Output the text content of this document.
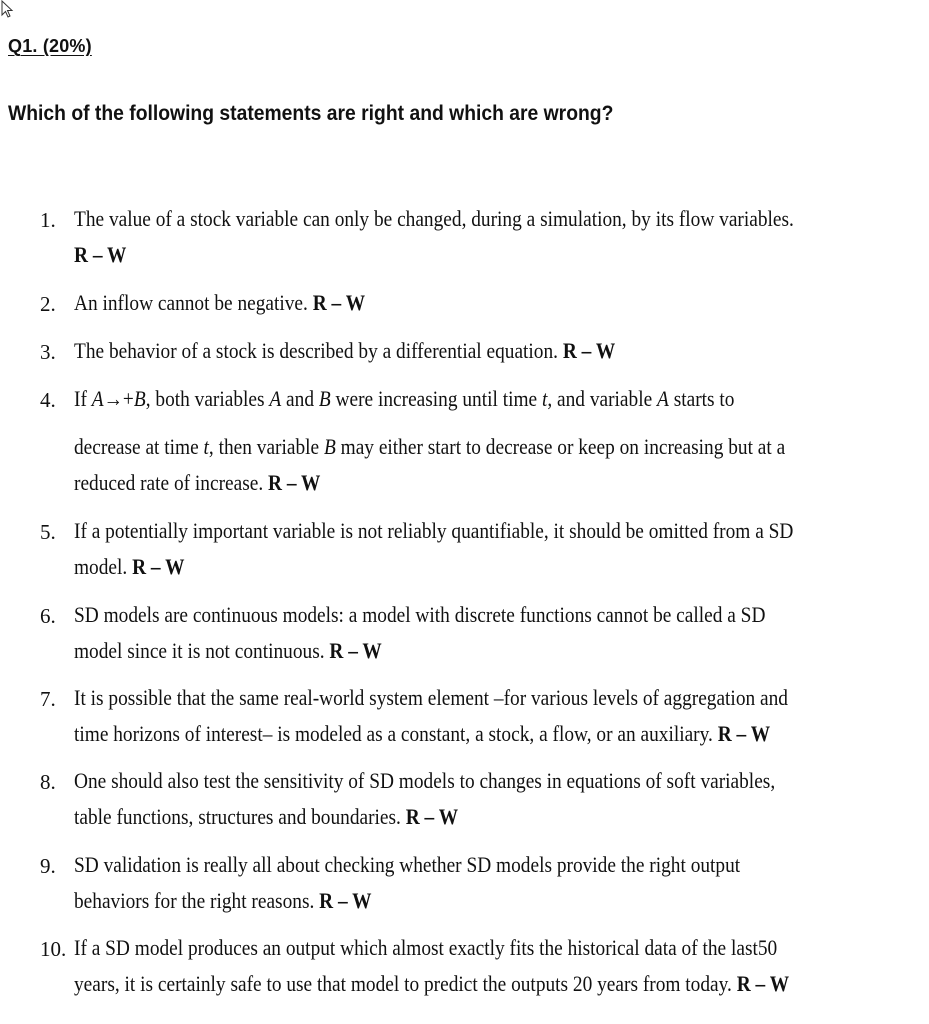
Q1. (20%)
Which of the following statements are right and which are wrong?
1. The value of a stock variable can only be changed, during a simulation, by its flow variables.
R – W
2. An inflow cannot be negative. R – W
3. The behavior of a stock is described by a differential equation. R – W
4. If A→+B, both variables A and B were increasing until time t, and variable A starts to
decrease at time t, then variable B may either start to decrease or keep on increasing but at a
reduced rate of increase. R – W
5. If a potentially important variable is not reliably quantifiable, it should be omitted from a SD
model. R – W
6. SD models are continuous models: a model with discrete functions cannot be called a SD
model since it is not continuous. R – W
7. It is possible that the same real-world system element –for various levels of aggregation and
time horizons of interest– is modeled as a constant, a stock, a flow, or an auxiliary. R – W
8. One should also test the sensitivity of SD models to changes in equations of soft variables,
table functions, structures and boundaries. R – W
9. SD validation is really all about checking whether SD models provide the right output
behaviors for the right reasons. R – W
10. If a SD model produces an output which almost exactly fits the historical data of the last50
years, it is certainly safe to use that model to predict the outputs 20 years from today. R – W
